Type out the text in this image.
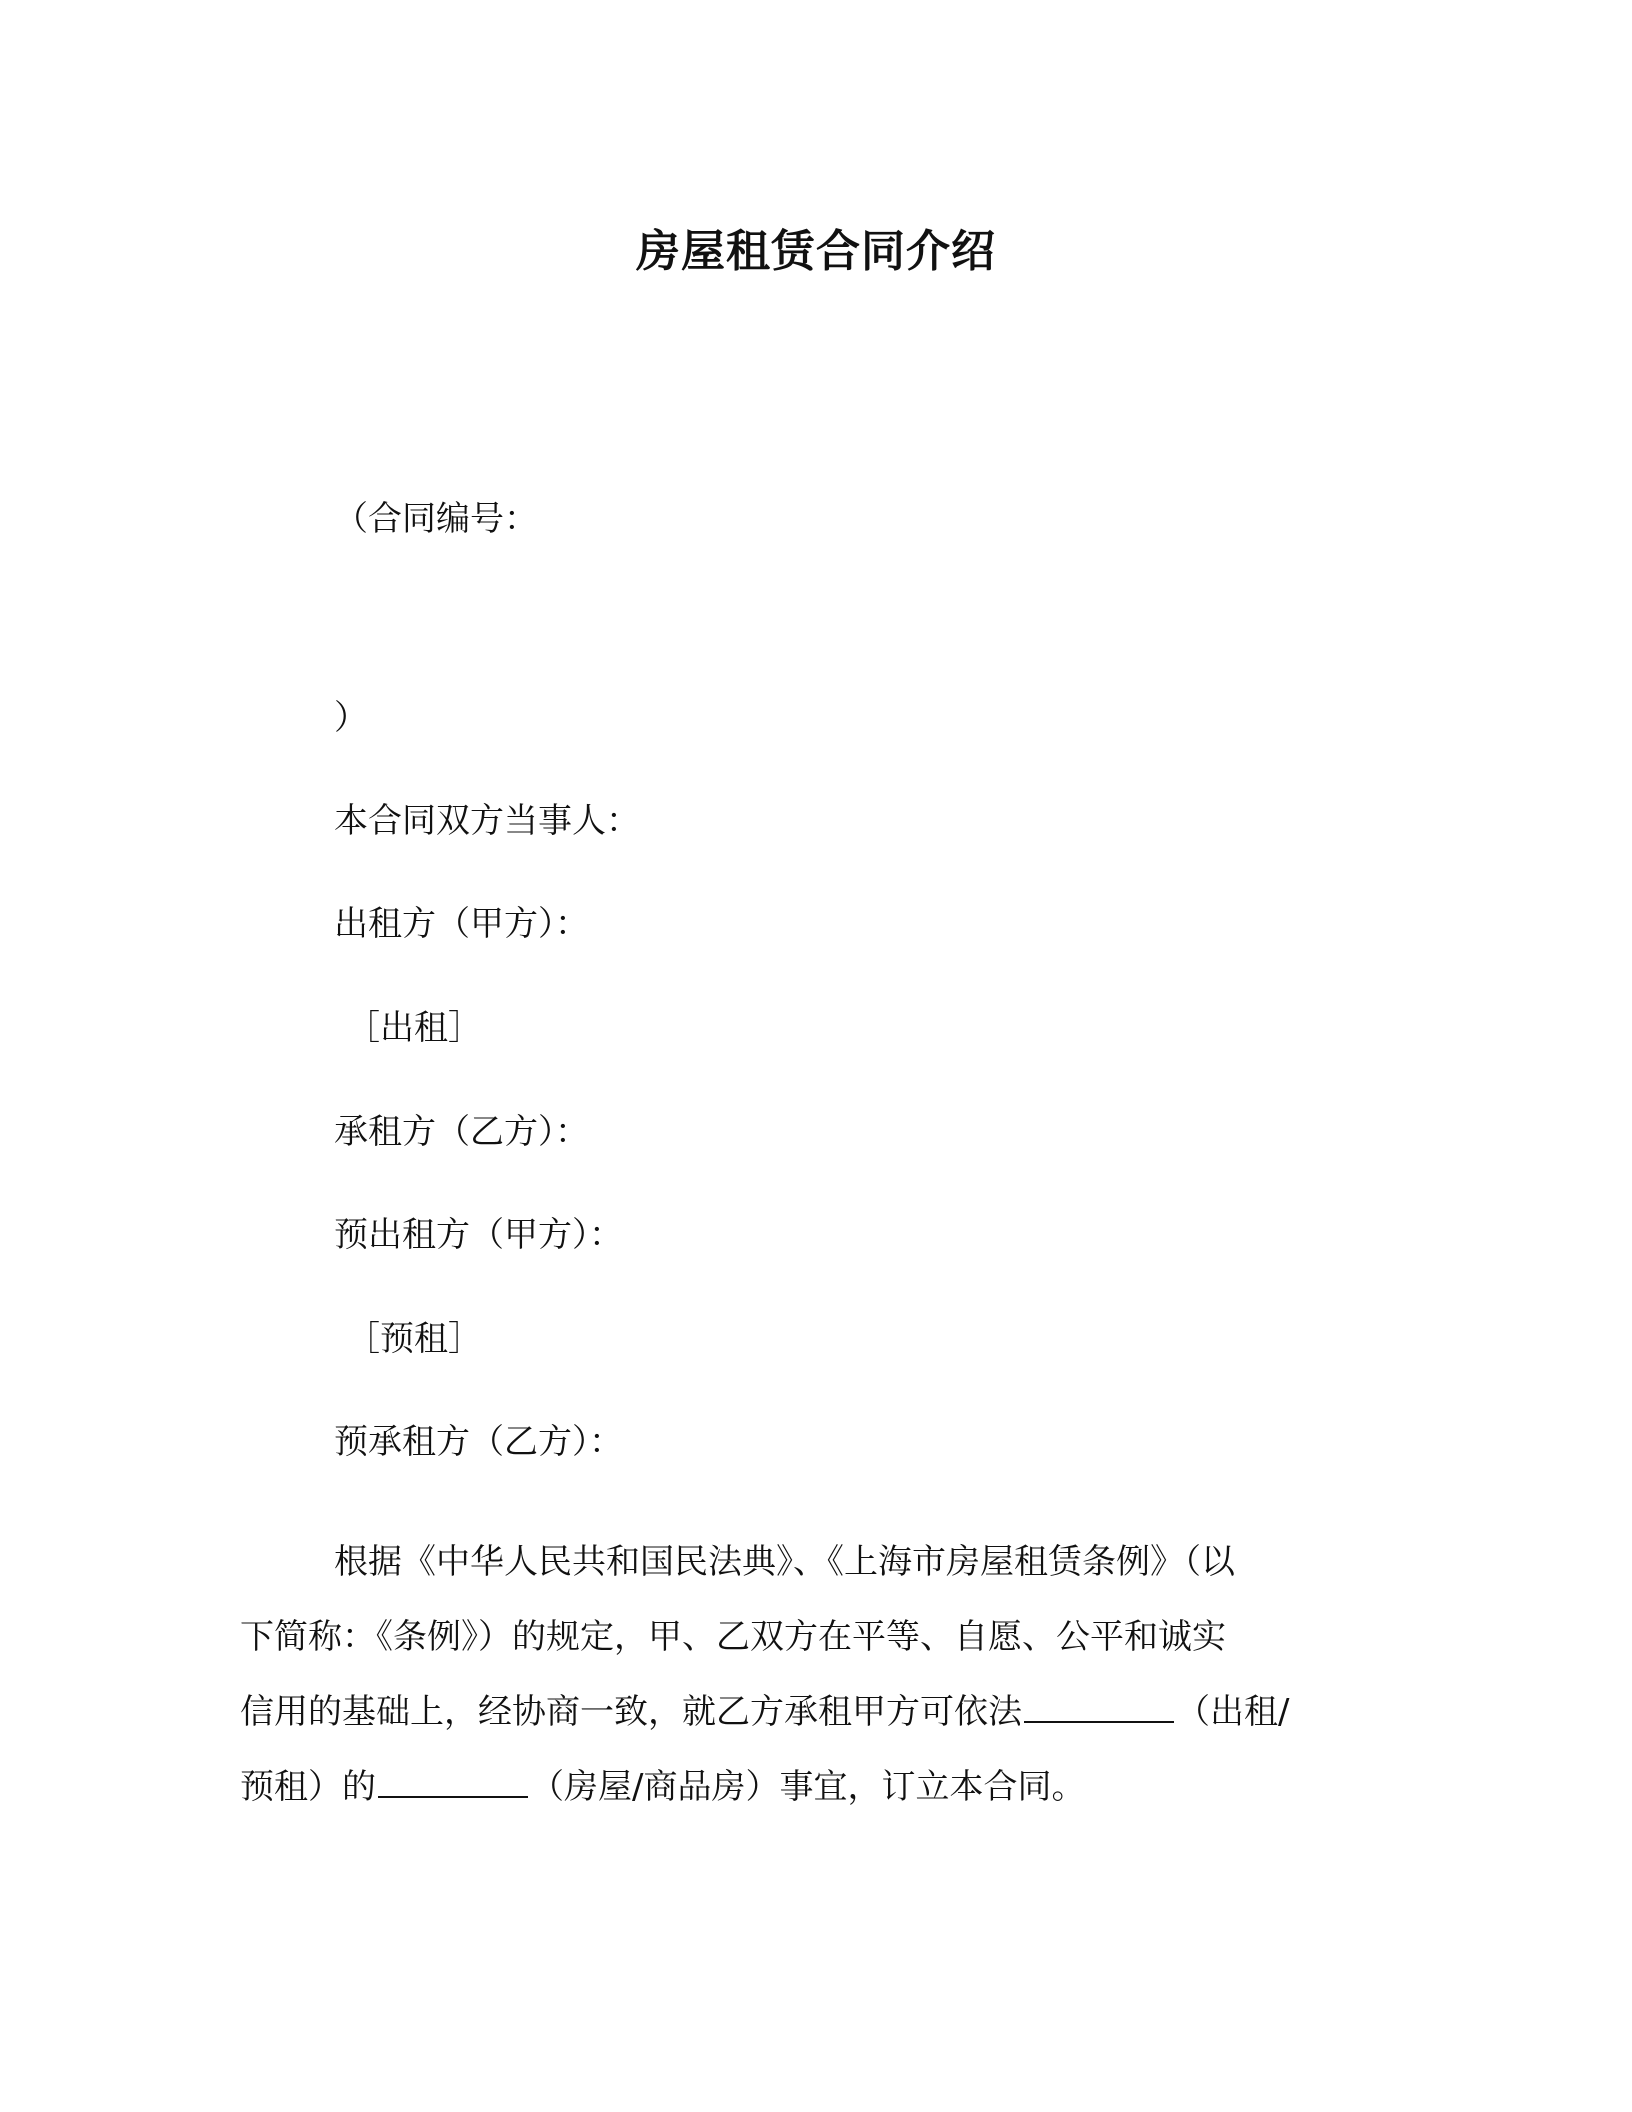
房屋租赁合同介绍
（合同编号：
）
本合同双方当事人：
出租方（甲方）：
［出租］
承租方（乙方）：
预出租方（甲方）：
［预租］
预承租方（乙方）：
根据《中华人民共和国民法典》、《上海市房屋租赁条例》（以
下简称：《条例》）的规定，甲、乙双方在平等、自愿、公平和诚实
信用的基础上，经协商一致，就乙方承租甲方可依法	（出租/
预租）的	（房屋/商品房）事宜，订立本合同。
